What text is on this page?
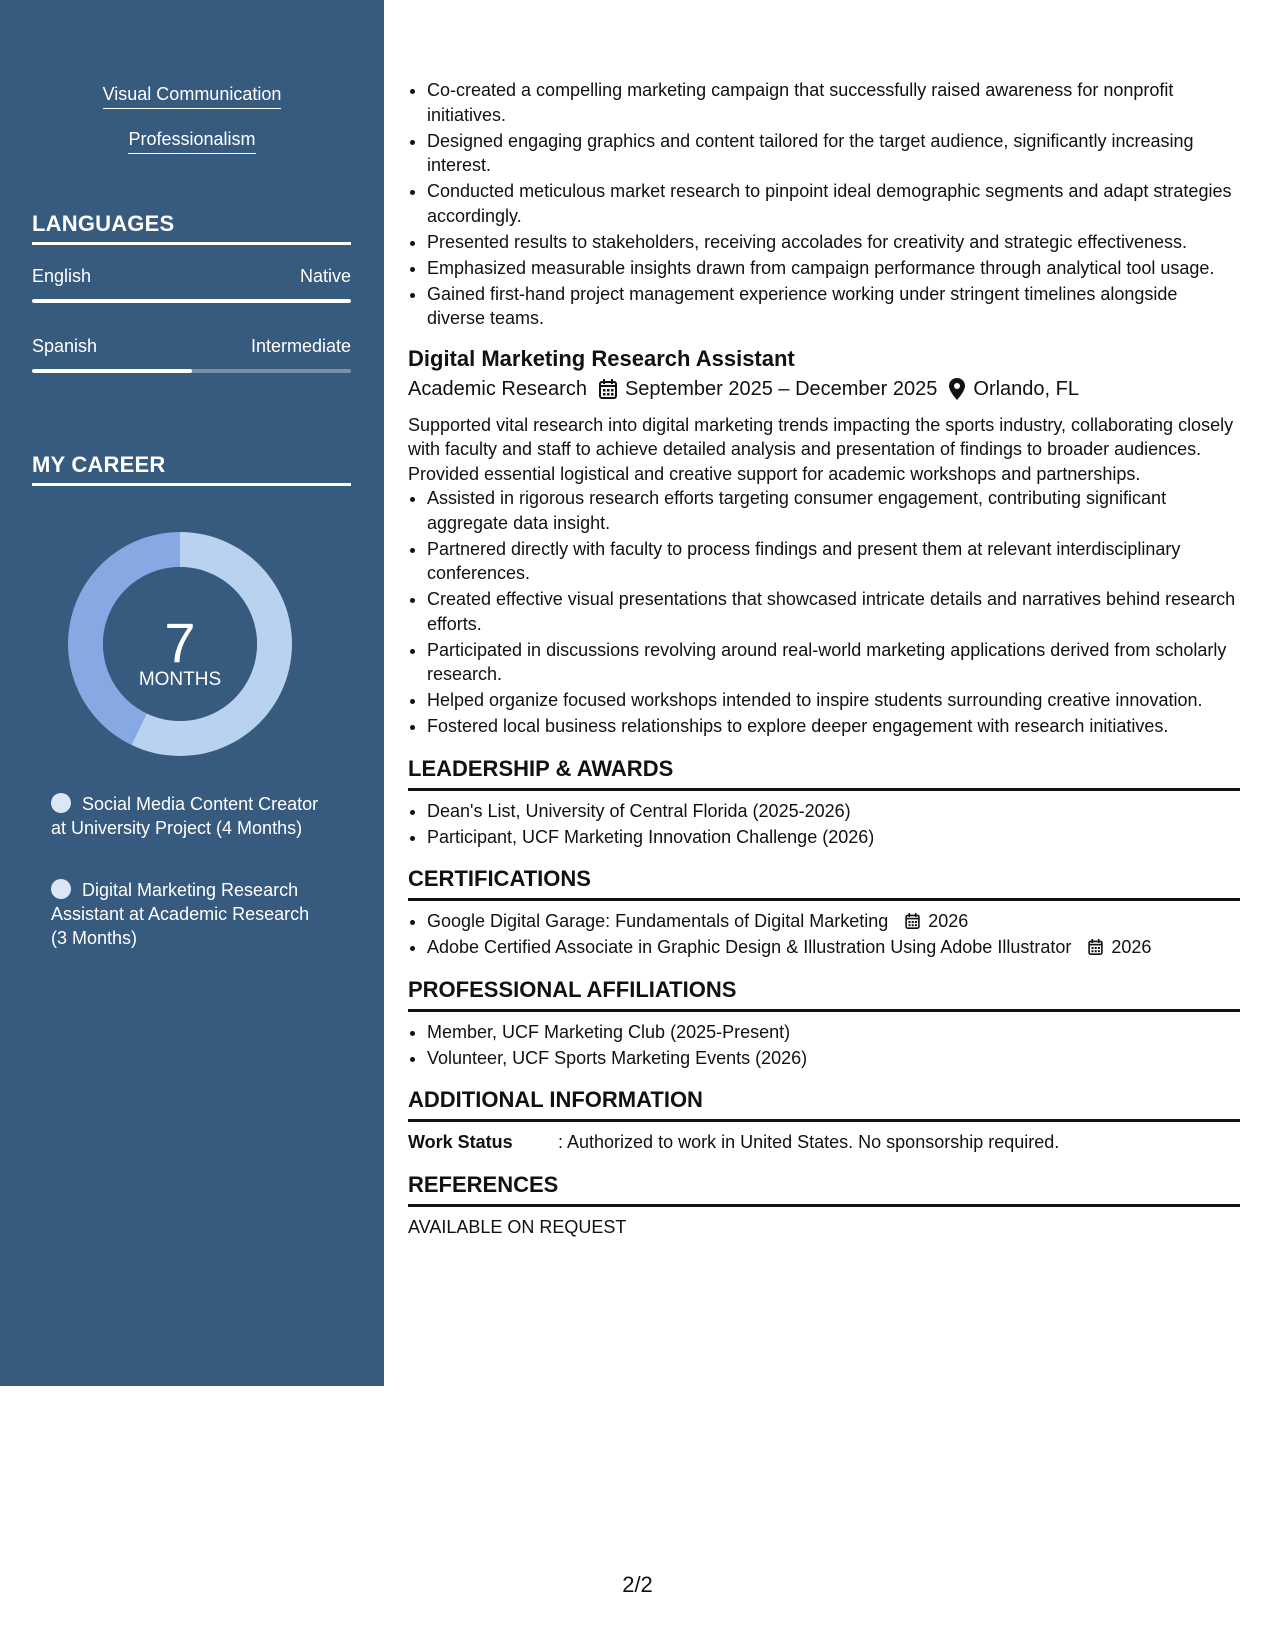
Visual Communication
Professionalism
LANGUAGES
English	Native
Spanish	Intermediate
MY CAREER
7
MONTHS
Social Media Content Creator at University Project (4 Months)
Digital Marketing Research Assistant at Academic Research (3 Months)
• Co-created a compelling marketing campaign that successfully raised awareness for nonprofit initiatives.
• Designed engaging graphics and content tailored for the target audience, significantly increasing interest.
• Conducted meticulous market research to pinpoint ideal demographic segments and adapt strategies accordingly.
• Presented results to stakeholders, receiving accolades for creativity and strategic effectiveness.
• Emphasized measurable insights drawn from campaign performance through analytical tool usage.
• Gained first-hand project management experience working under stringent timelines alongside diverse teams.
Digital Marketing Research Assistant
Academic Research September 2025 – December 2025 Orlando, FL
Supported vital research into digital marketing trends impacting the sports industry, collaborating closely with faculty and staff to achieve detailed analysis and presentation of findings to broader audiences. Provided essential logistical and creative support for academic workshops and partnerships.
• Assisted in rigorous research efforts targeting consumer engagement, contributing significant aggregate data insight.
• Partnered directly with faculty to process findings and present them at relevant interdisciplinary conferences.
• Created effective visual presentations that showcased intricate details and narratives behind research efforts.
• Participated in discussions revolving around real-world marketing applications derived from scholarly research.
• Helped organize focused workshops intended to inspire students surrounding creative innovation.
• Fostered local business relationships to explore deeper engagement with research initiatives.
LEADERSHIP & AWARDS
• Dean's List, University of Central Florida (2025-2026)
• Participant, UCF Marketing Innovation Challenge (2026)
CERTIFICATIONS
• Google Digital Garage: Fundamentals of Digital Marketing 2026
• Adobe Certified Associate in Graphic Design & Illustration Using Adobe Illustrator 2026
PROFESSIONAL AFFILIATIONS
• Member, UCF Marketing Club (2025-Present)
• Volunteer, UCF Sports Marketing Events (2026)
ADDITIONAL INFORMATION
Work Status	: Authorized to work in United States. No sponsorship required.
REFERENCES
AVAILABLE ON REQUEST
2/2
